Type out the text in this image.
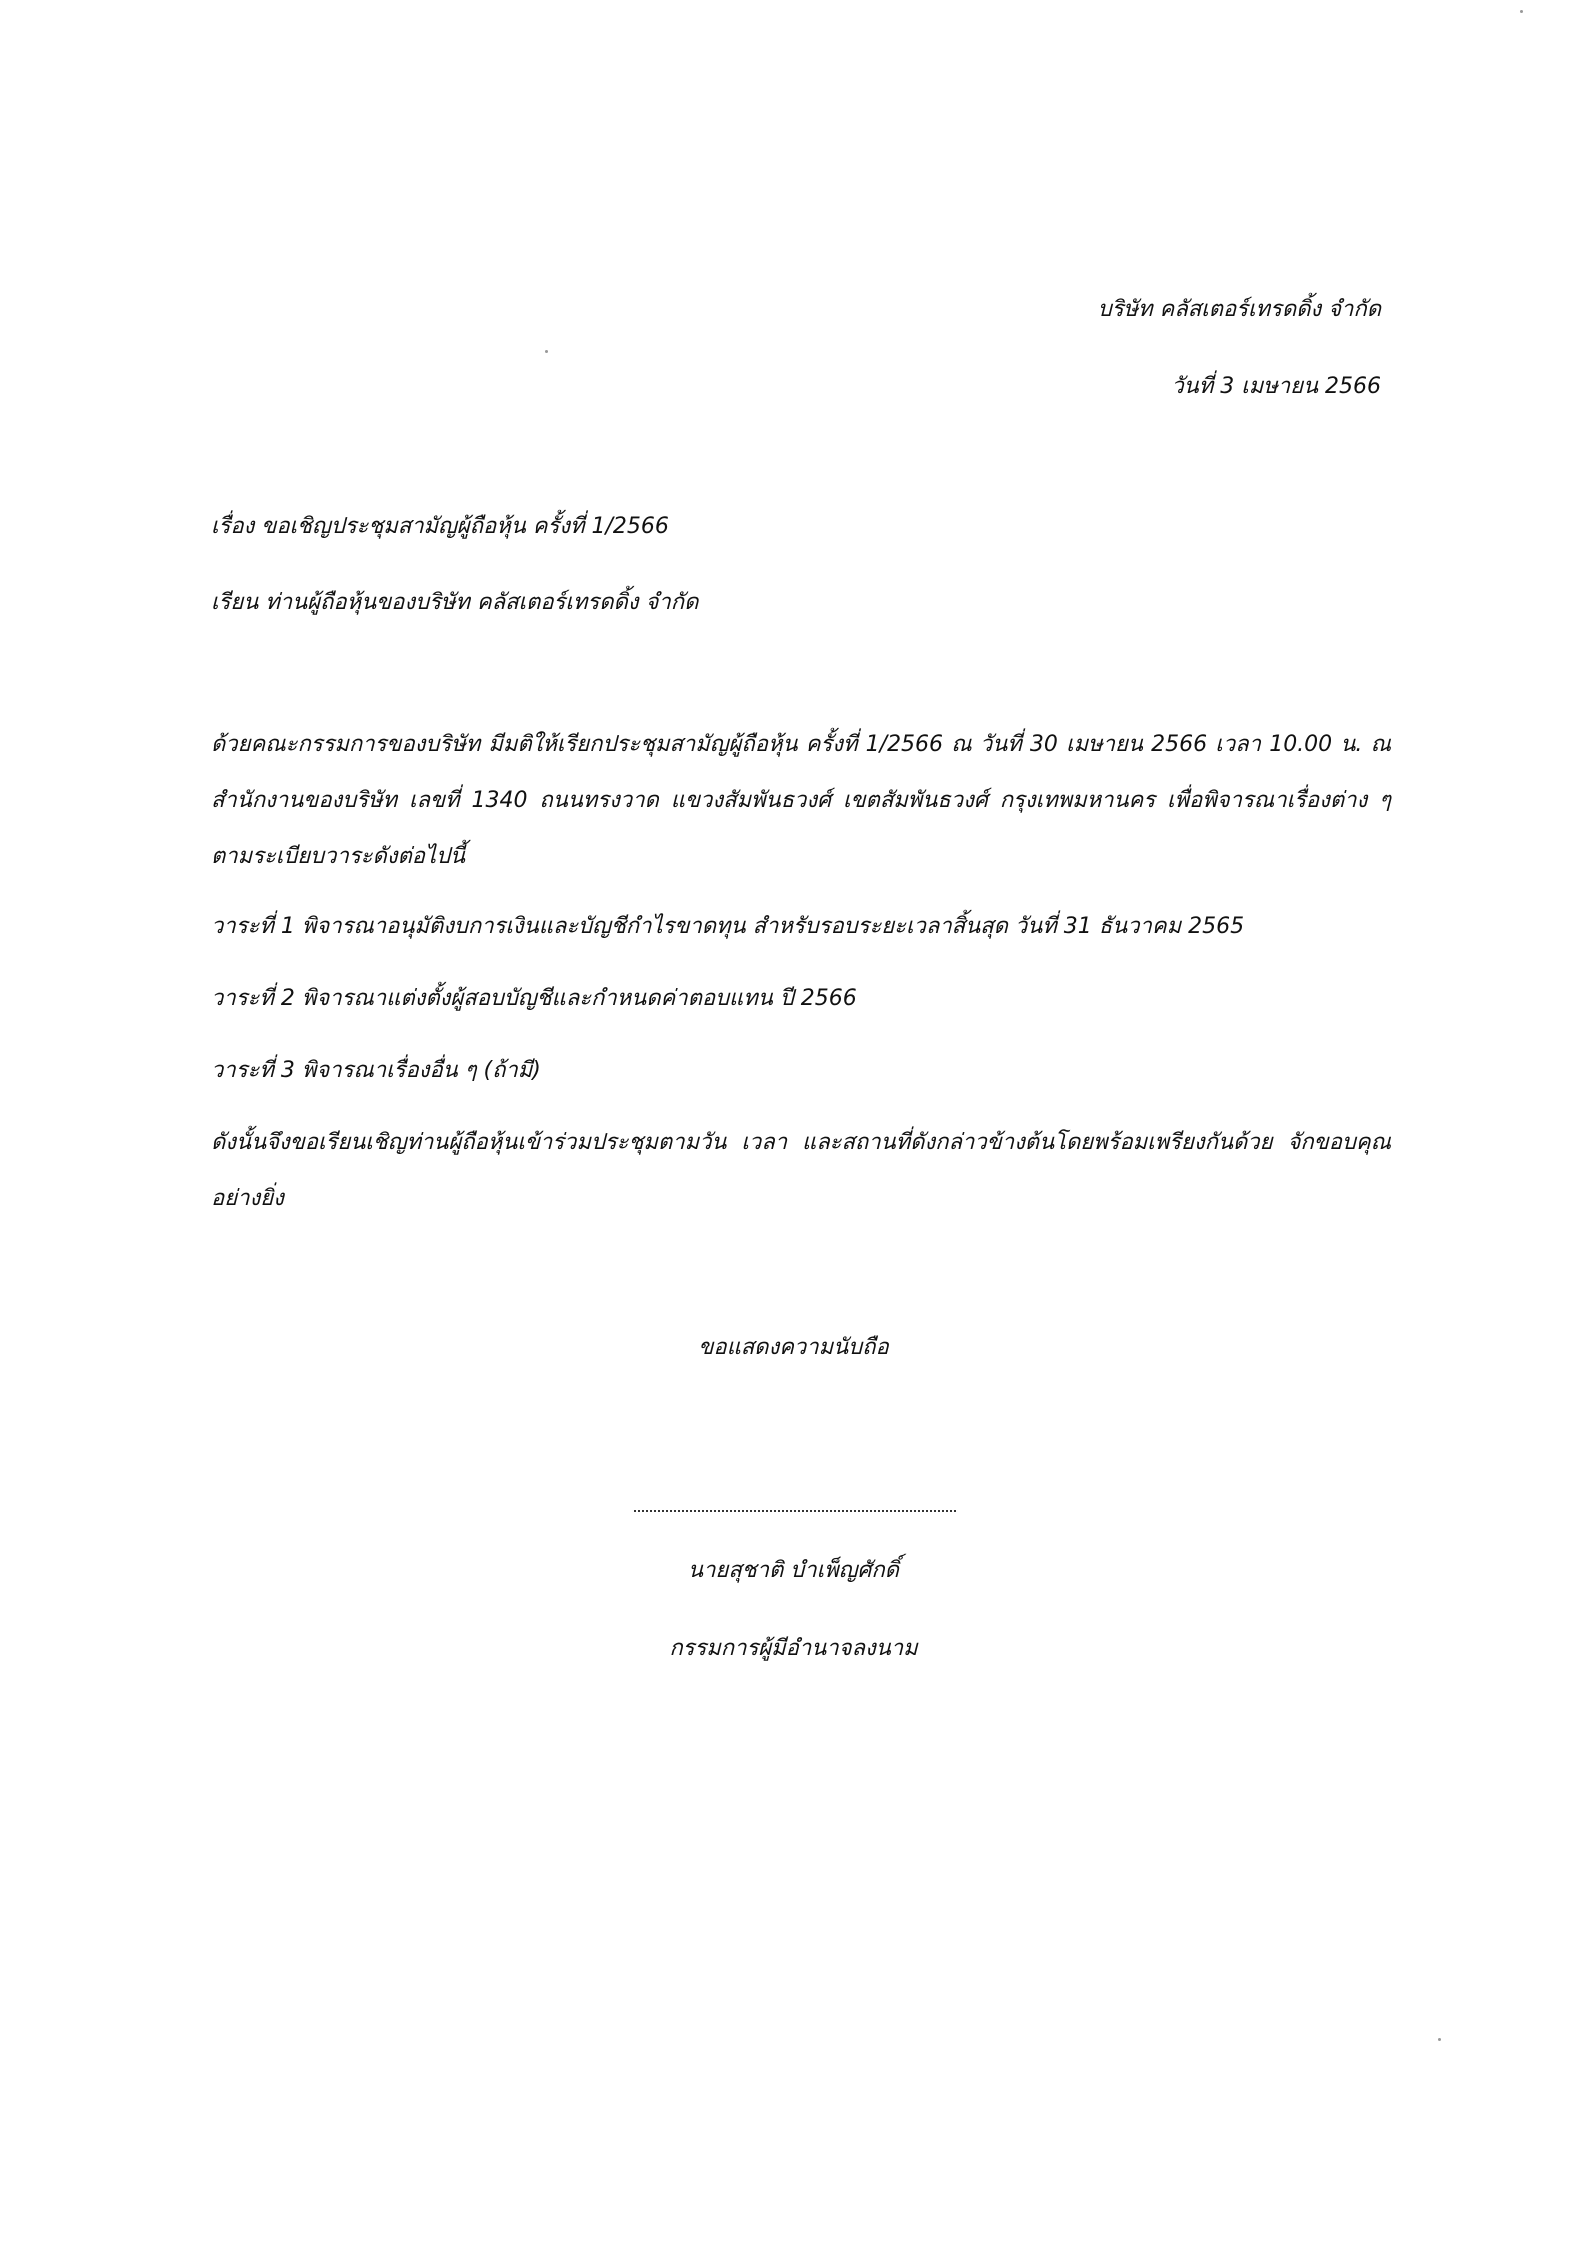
บริษัท คลัสเตอร์เทรดดิ้ง จำกัด
วันที่ 3 เมษายน 2566
เรื่อง ขอเชิญประชุมสามัญผู้ถือหุ้น ครั้งที่ 1/2566
เรียน ท่านผู้ถือหุ้นของบริษัท คลัสเตอร์เทรดดิ้ง จำกัด
ด้วยคณะกรรมการของบริษัท มีมติให้เรียกประชุมสามัญผู้ถือหุ้น ครั้งที่ 1/2566 ณ วันที่ 30 เมษายน 2566 เวลา 10.00 น. ณ สำนักงานของบริษัท เลขที่ 1340 ถนนทรงวาด แขวงสัมพันธวงศ์ เขตสัมพันธวงศ์ กรุงเทพมหานคร เพื่อพิจารณาเรื่องต่าง ๆตามระเบียบวาระดังต่อไปนี้
วาระที่ 1 พิจารณาอนุมัติงบการเงินและบัญชีกำไรขาดทุน สำหรับรอบระยะเวลาสิ้นสุด วันที่ 31 ธันวาคม 2565
วาระที่ 2 พิจารณาแต่งตั้งผู้สอบบัญชีและกำหนดค่าตอบแทน ปี 2566
วาระที่ 3 พิจารณาเรื่องอื่น ๆ (ถ้ามี)
ดังนั้นจึงขอเรียนเชิญท่านผู้ถือหุ้นเข้าร่วมประชุมตามวัน เวลา และสถานที่ดังกล่าวข้างต้นโดยพร้อมเพรียงกันด้วย จักขอบคุณอย่างยิ่ง
ขอแสดงความนับถือ
นายสุชาติ บำเพ็ญศักดิ์
กรรมการผู้มีอำนาจลงนาม
